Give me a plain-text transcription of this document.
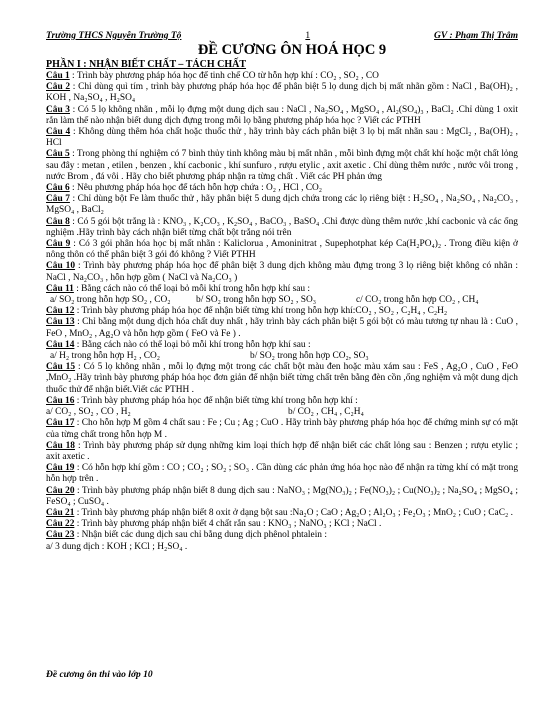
Trường THCS Nguyễn Trường Tộ	1	GV : Phạm Thị Trâm
ĐỀ CƯƠNG ÔN HOÁ HỌC 9
PHẦN I : NHẬN BIẾT CHẤT – TÁCH CHẤT

Câu 1 : Trình bày phương pháp hóa học để tinh chế CO từ hỗn hợp khí : CO₂ , SO₂ , CO

Câu 2 : Chỉ dùng quì tím , trình bày phương pháp hóa học để phân biệt 5 lọ dung dịch bị mất nhãn gồm : NaCl , Ba(OH)₂ , KOH , Na₂SO₄ , H₂SO₄

Câu 3 : Có 5 lọ không nhãn , mỗi lọ đựng một dung dịch sau : NaCl , Na₂SO₄ , MgSO₄ , Al₂(SO₄)₃ , BaCl₂ .Chỉ dùng 1 oxit rắn làm thế nào nhận biết dung dịch đựng trong mỗi lọ bằng phương pháp hóa học ? Viết các PTHH

Câu 4 : Không dùng thêm hóa chất hoặc thuốc thử , hãy trình bày cách phân biệt 3 lọ bị mất nhãn sau : MgCl₂ , Ba(OH)₂ , HCl

Câu 5 : Trong phòng thí nghiệm có 7 bình thủy tinh không màu bị mất nhãn , mỗi bình đựng một chất khí hoặc một chất lỏng sau đây : metan , etilen , benzen , khí cacbonic , khí sunfuro , rượu etylic , axit axetic . Chỉ dùng thêm nước , nước vôi trong , nước Brom , đá vôi . Hãy cho biết phương pháp nhận ra từng chất . Viết các PH phản ứng

Câu 6 : Nêu phương pháp hóa học để tách hỗn hợp chứa : O₂ , HCl , CO₂

Câu 7 : Chỉ dùng bột Fe làm thuốc thử , hãy phân biệt 5 dung dịch chứa trong các lọ riêng biệt : H₂SO₄ , Na₂SO₄ , Na₂CO₃ , MgSO₄ , BaCl₂

Câu 8 : Có 5 gói bột trắng là : KNO₃ , K₂CO₃ , K₂SO₄ , BaCO₃ , BaSO₄ .Chỉ được dùng thêm nước ,khí cacbonic và các ống nghiệm .Hãy trình bày cách nhận biết từng chất bột trắng nói trên

Câu 9 : Có 3 gói phân hóa học bị mất nhãn : Kaliclorua , Amoninitrat , Supephotphat kép Ca(H₂PO₄)₂ . Trong điều kiện ở nông thôn có thể phân biệt 3 gói đó không ? Viết PTHH

Câu 10 : Trình bày phương pháp hóa học để phân biệt 3 dung dịch không màu đựng trong 3 lọ riêng biệt không có nhãn : NaCl , Na₂CO₃ , hỗn hợp gồm ( NaCl và Na₂CO₃ )

Câu 11 : Bằng cách nào có thể loại bỏ mỗi khí trong hỗn hợp khí sau :

a/ SO₂ trong hỗn hợp SO₂ , CO₂	b/ SO₂ trong hỗn hợp SO₂ , SO₃	c/ CO₂ trong hỗn hợp CO₂ , CH₄

Câu 12 : Trình bày phương pháp hóa học để nhận biết từng khí trong hỗn hợp khí:CO₂ , SO₂ , C₂H₄ , C₂H₂

Câu 13 : Chỉ bằng một dung dịch hóa chất duy nhất , hãy trình bày cách phân biệt 5 gói bột có màu tương tự nhau là : CuO , FeO , MnO₂ , Ag₂O và hỗn hợp gồm ( FeO và Fe ) .

Câu 14 : Bằng cách nào có thể loại bỏ mỗi khí trong hỗn hợp khí sau :

a/ H₂ trong hỗn hợp H₂ , CO₂	b/ SO₂ trong hỗn hợp CO₂, SO₃

Câu 15 : Có 5 lọ không nhãn , mỗi lọ đựng một trong các chất bột màu đen hoặc màu xám sau : FeS , Ag₂O , CuO , FeO ,MnO₂ .Hãy trình bày phương pháp hóa học đơn giản để nhận biết từng chất trên bằng đèn cồn ,ống nghiệm và một dung dịch thuốc thử để nhận biết.Viết các PTHH .

Câu 16 : Trình bày phương pháp hóa học để nhận biết từng khí trong hỗn hợp khí :

a/ CO₂ , SO₂ , CO , H₂	b/ CO₂ , CH₄ , C₂H₄

Câu 17 : Cho hỗn hợp M gồm 4 chất sau : Fe ; Cu ; Ag ; CuO . Hãy trình bày phương pháp hóa học để chứng minh sự có mặt của từng chất trong hỗn hợp M .

Câu 18 : Trình bày phương pháp sử dụng những kim loại thích hợp để nhận biết các chất lỏng sau : Benzen ; rượu etylic ; axit axetic .

Câu 19 : Có hỗn hợp khí gồm : CO ; CO₂ ; SO₂ ; SO₃ . Cần dùng các phản ứng hóa học nào để nhận ra từng khí có mặt trong hỗn hợp trên .

Câu 20 : Trình bày phương pháp nhận biết 8 dung dịch sau : NaNO₃ ; Mg(NO₃)₂ ; Fe(NO₃)₂ ; Cu(NO₃)₂ ; Na₂SO₄ ; MgSO₄ ; FeSO₄ ; CuSO₄ .

Câu 21 : Trình bày phương pháp nhận biết 8 oxit ở dạng bột sau :Na₂O ; CaO ; Ag₂O ; Al₂O₃ ; Fe₂O₃ ; MnO₂ ; CuO ; CaC₂ .

Câu 22 : Trình bày phương pháp nhận biết 4 chất rắn sau : KNO₃ ; NaNO₃ ; KCl ; NaCl .

Câu 23 : Nhận biết các dung dịch sau chỉ bằng dung dịch phênol phtalein :

a/ 3 dung dịch : KOH ; KCl ; H₂SO₄ .
Đề cương ôn thi vào lớp 10
